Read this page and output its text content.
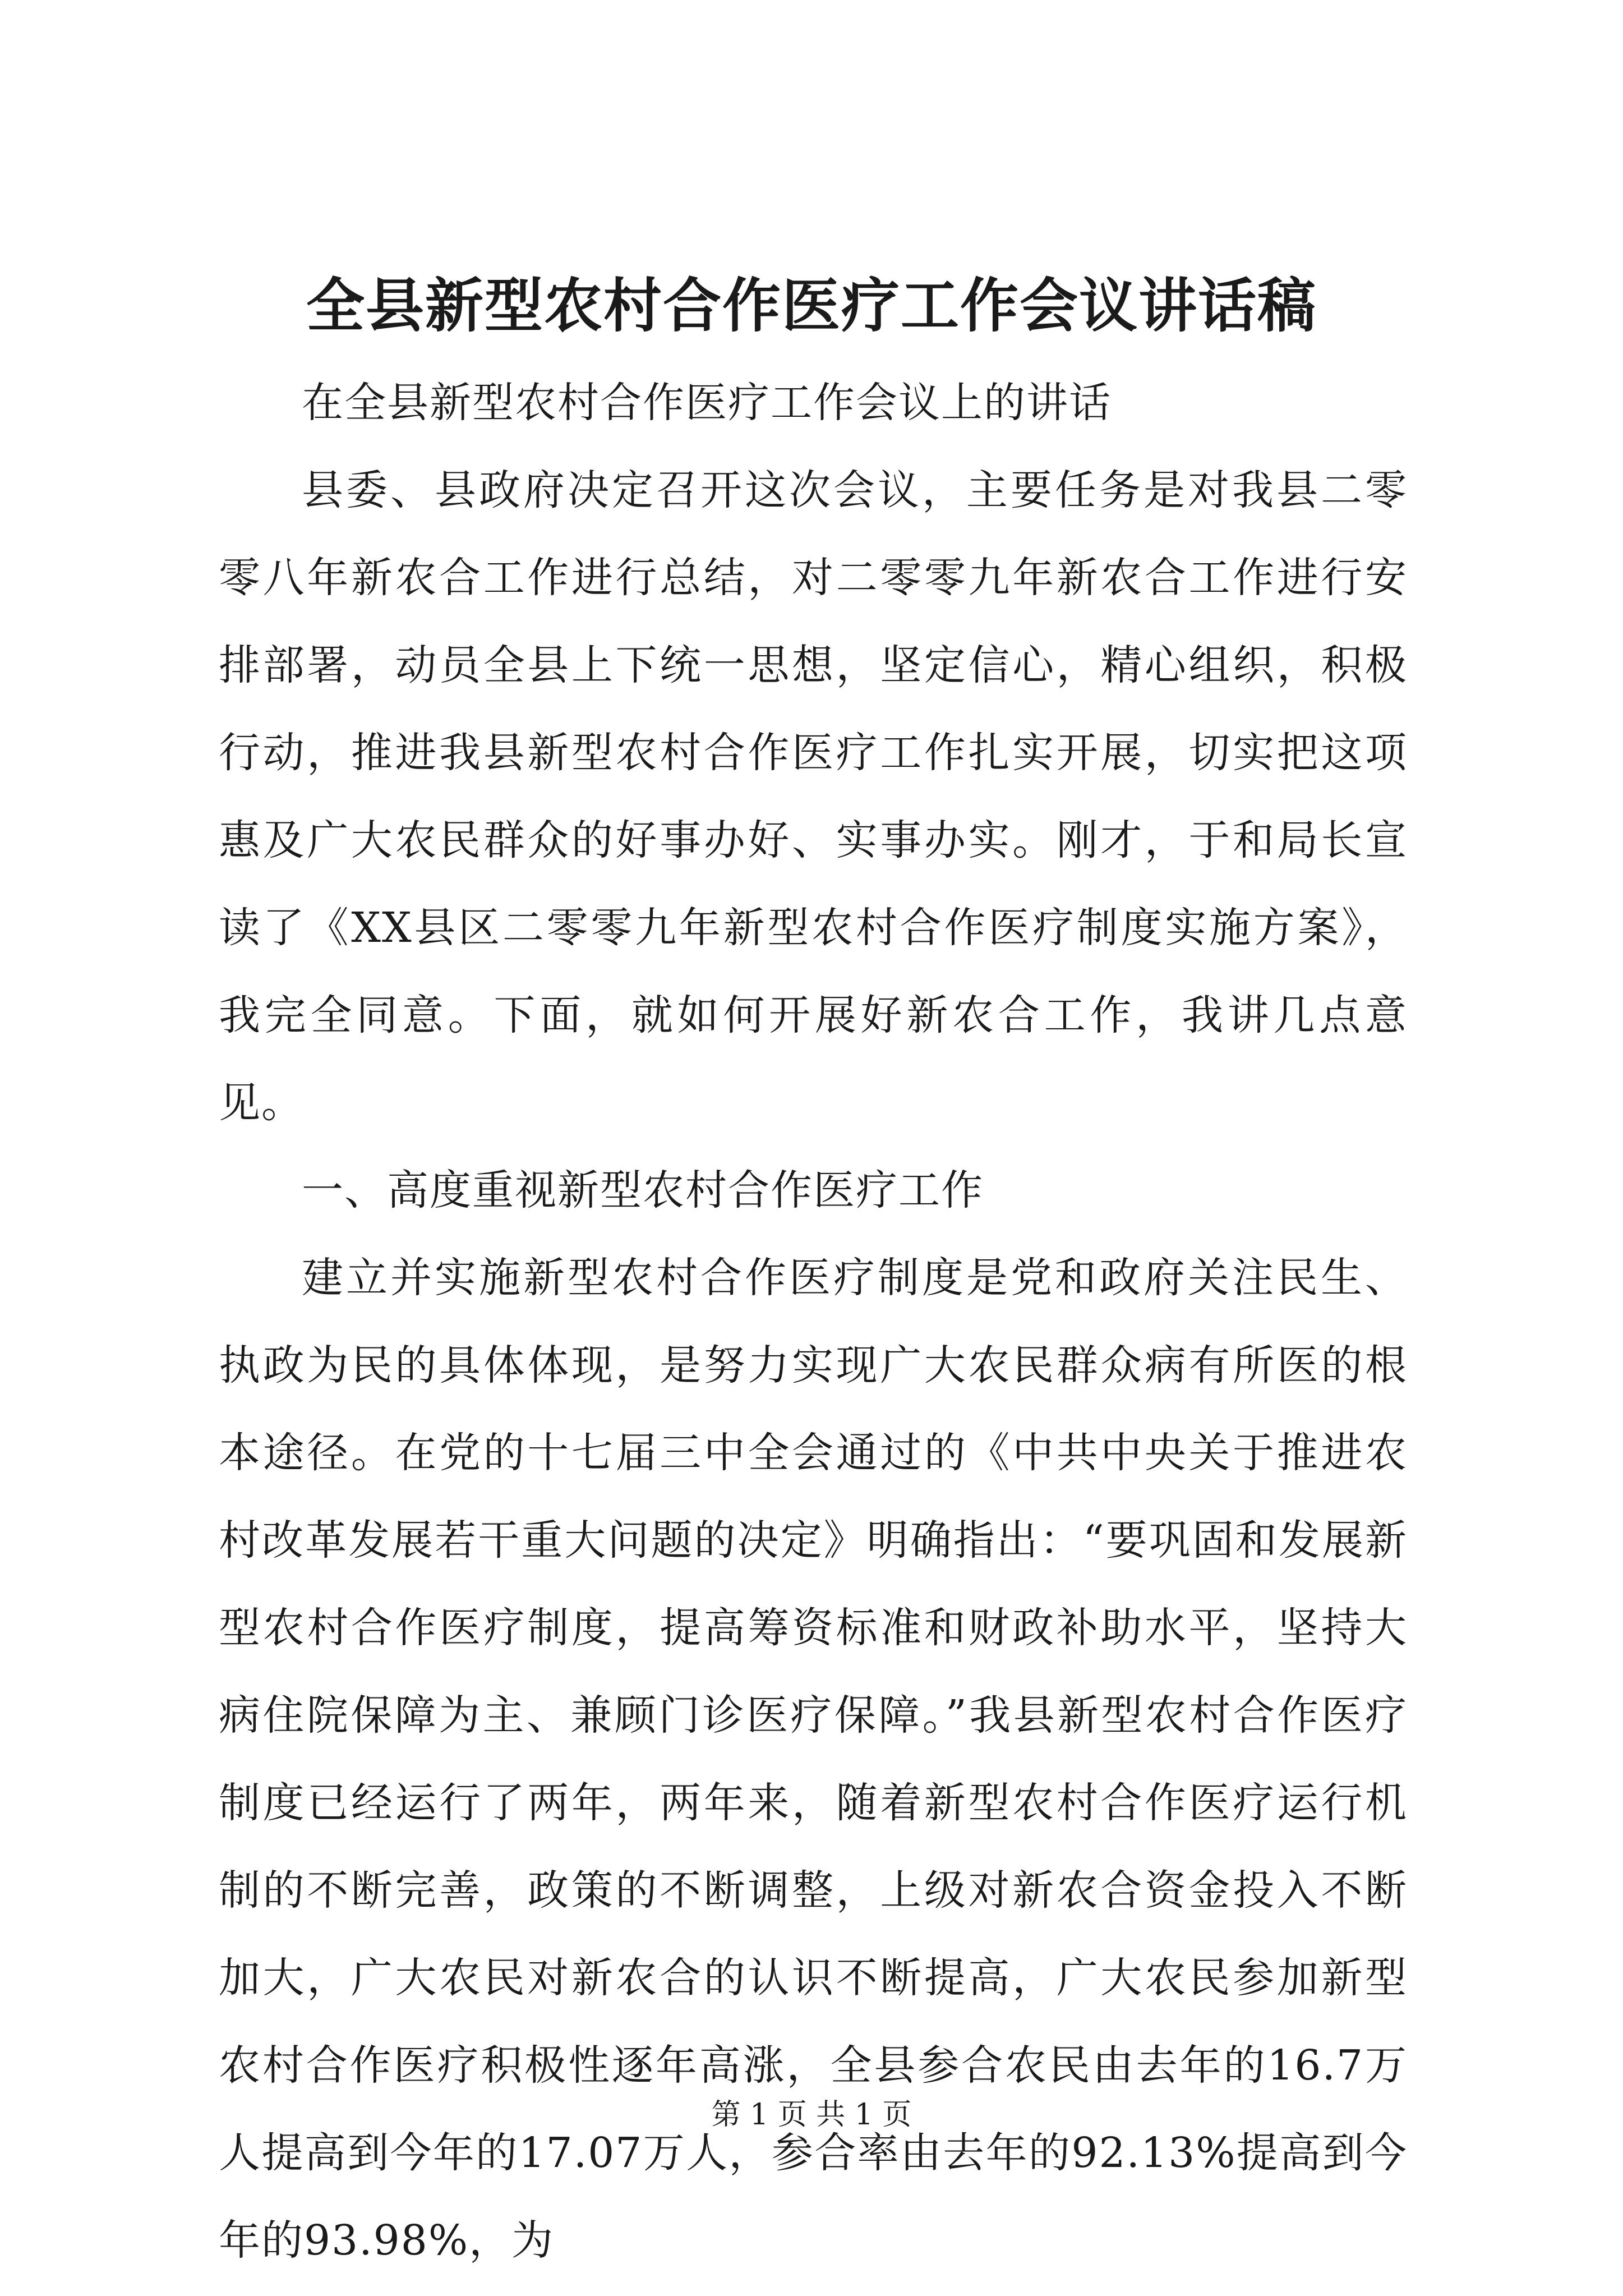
全县新型农村合作医疗工作会议讲话稿

在全县新型农村合作医疗工作会议上的讲话

县委、县政府决定召开这次会议，主要任务是对我县二零零八年新农合工作进行总结，对二零零九年新农合工作进行安排部署，动员全县上下统一思想，坚定信心，精心组织，积极行动，推进我县新型农村合作医疗工作扎实开展，切实把这项惠及广大农民群众的好事办好、实事办实。刚才，于和局长宣读了《XX县区二零零九年新型农村合作医疗制度实施方案》，我完全同意。下面，就如何开展好新农合工作，我讲几点意见。

一、高度重视新型农村合作医疗工作

建立并实施新型农村合作医疗制度是党和政府关注民生、执政为民的具体体现，是努力实现广大农民群众病有所医的根本途径。在党的十七届三中全会通过的《中共中央关于推进农村改革发展若干重大问题的决定》明确指出：“要巩固和发展新型农村合作医疗制度，提高筹资标准和财政补助水平，坚持大病住院保障为主、兼顾门诊医疗保障。”我县新型农村合作医疗制度已经运行了两年，两年来，随着新型农村合作医疗运行机制的不断完善，政策的不断调整，上级对新农合资金投入不断加大，广大农民对新农合的认识不断提高，广大农民参加新型农村合作医疗积极性逐年高涨，全县参合农民由去年的16.7万人提高到今年的17.07万人，参合率由去年的92.13%提高到今年的93.98%，为

第 1 页 共 1 页
